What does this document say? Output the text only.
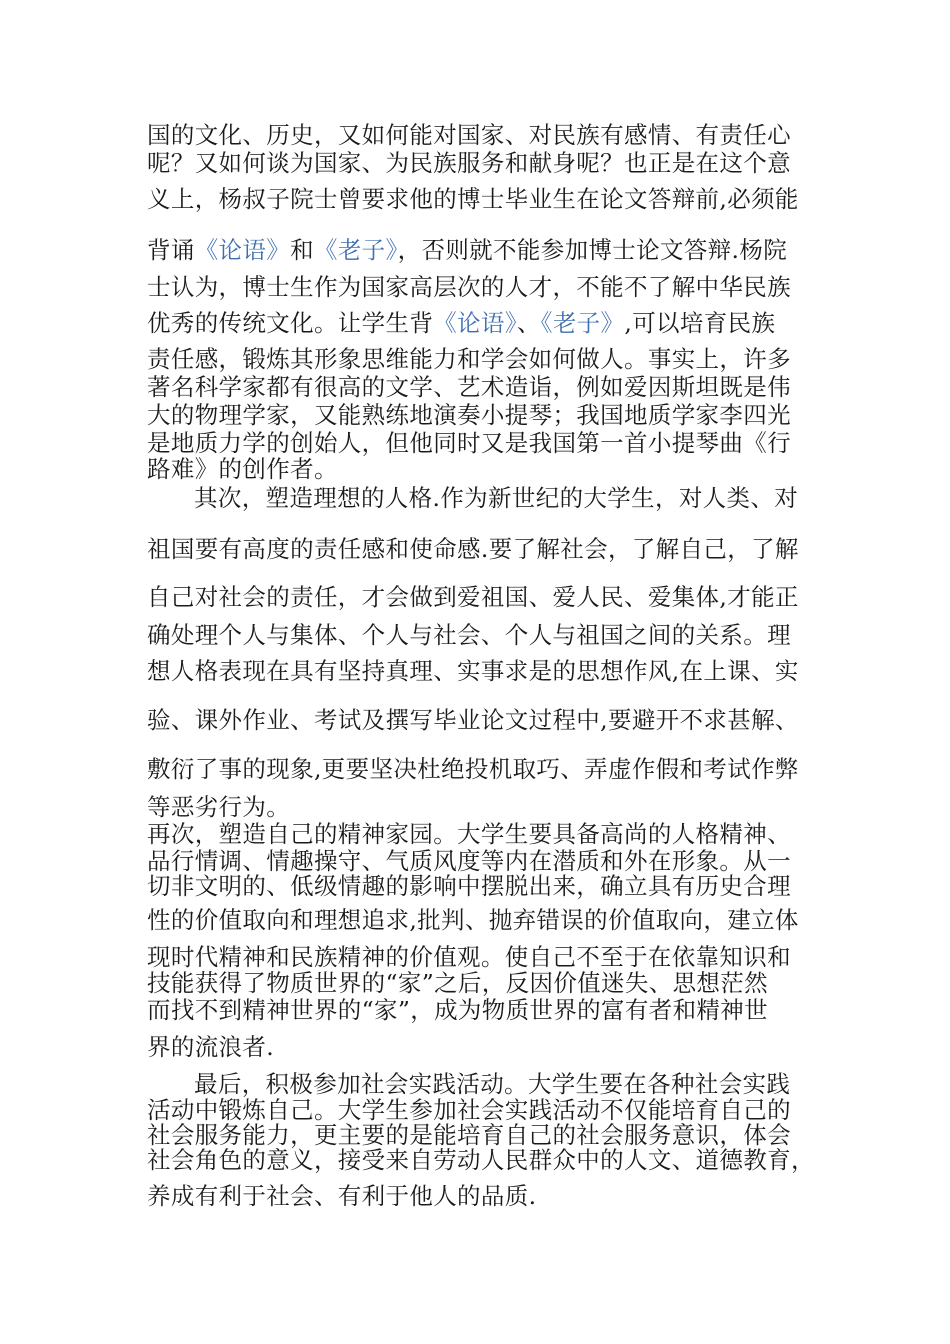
国的文化、历史，又如何能对国家、对民族有感情、有责任心

呢？又如何谈为国家、为民族服务和献身呢？也正是在这个意

义上，杨叔子院士曾要求他的博士毕业生在论文答辩前,必须能

背诵《论语》和《老子》，否则就不能参加博士论文答辩.杨院

士认为，博士生作为国家高层次的人才，不能不了解中华民族

优秀的传统文化。让学生背《论语》、《老子》,可以培育民族

责任感，锻炼其形象思维能力和学会如何做人。事实上，许多

著名科学家都有很高的文学、艺术造诣，例如爱因斯坦既是伟

大的物理学家，又能熟练地演奏小提琴；我国地质学家李四光

是地质力学的创始人，但他同时又是我国第一首小提琴曲《行

路难》的创作者。

其次，塑造理想的人格.作为新世纪的大学生，对人类、对

祖国要有高度的责任感和使命感.要了解社会，了解自己，了解

自己对社会的责任，才会做到爱祖国、爱人民、爱集体,才能正

确处理个人与集体、个人与社会、个人与祖国之间的关系。理

想人格表现在具有坚持真理、实事求是的思想作风,在上课、实

验、课外作业、考试及撰写毕业论文过程中,要避开不求甚解、

敷衍了事的现象,更要坚决杜绝投机取巧、弄虚作假和考试作弊

等恶劣行为。

再次，塑造自己的精神家园。大学生要具备高尚的人格精神、

品行情调、情趣操守、气质风度等内在潜质和外在形象。从一

切非文明的、低级情趣的影响中摆脱出来，确立具有历史合理

性的价值取向和理想追求,批判、抛弃错误的价值取向，建立体

现时代精神和民族精神的价值观。使自己不至于在依靠知识和

技能获得了物质世界的“家”之后，反因价值迷失、思想茫然

而找不到精神世界的“家”，成为物质世界的富有者和精神世

界的流浪者.

最后，积极参加社会实践活动。大学生要在各种社会实践

活动中锻炼自己。大学生参加社会实践活动不仅能培育自己的

社会服务能力，更主要的是能培育自己的社会服务意识，体会

社会角色的意义，接受来自劳动人民群众中的人文、道德教育，

养成有利于社会、有利于他人的品质.
